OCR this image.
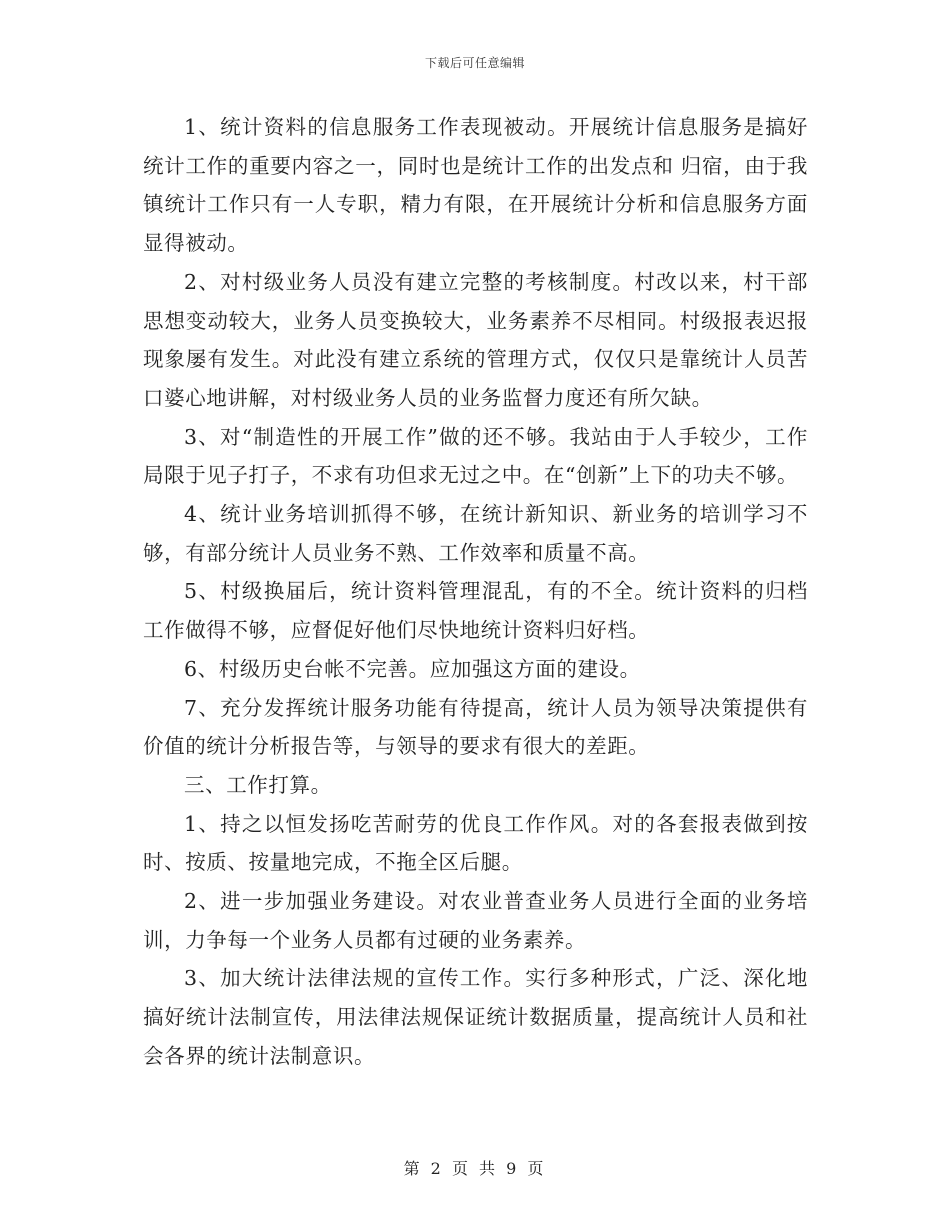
下载后可任意编辑

1、统计资料的信息服务工作表现被动。开展统计信息服务是搞好统计工作的重要内容之一，同时也是统计工作的出发点和 归宿，由于我镇统计工作只有一人专职，精力有限，在开展统计分析和信息服务方面显得被动。

2、对村级业务人员没有建立完整的考核制度。村改以来，村干部思想变动较大，业务人员变换较大，业务素养不尽相同。村级报表迟报现象屡有发生。对此没有建立系统的管理方式，仅仅只是靠统计人员苦口婆心地讲解，对村级业务人员的业务监督力度还有所欠缺。

3、对“制造性的开展工作”做的还不够。我站由于人手较少，工作局限于见子打子，不求有功但求无过之中。在“创新”上下的功夫不够。

4、统计业务培训抓得不够，在统计新知识、新业务的培训学习不够，有部分统计人员业务不熟、工作效率和质量不高。

5、村级换届后，统计资料管理混乱，有的不全。统计资料的归档工作做得不够，应督促好他们尽快地统计资料归好档。

6、村级历史台帐不完善。应加强这方面的建设。

7、充分发挥统计服务功能有待提高，统计人员为领导决策提供有价值的统计分析报告等，与领导的要求有很大的差距。

三、工作打算。

1、持之以恒发扬吃苦耐劳的优良工作作风。对的各套报表做到按时、按质、按量地完成，不拖全区后腿。

2、进一步加强业务建设。对农业普查业务人员进行全面的业务培训，力争每一个业务人员都有过硬的业务素养。

3、加大统计法律法规的宣传工作。实行多种形式，广泛、深化地搞好统计法制宣传，用法律法规保证统计数据质量，提高统计人员和社会各界的统计法制意识。

第 2 页 共 9 页
